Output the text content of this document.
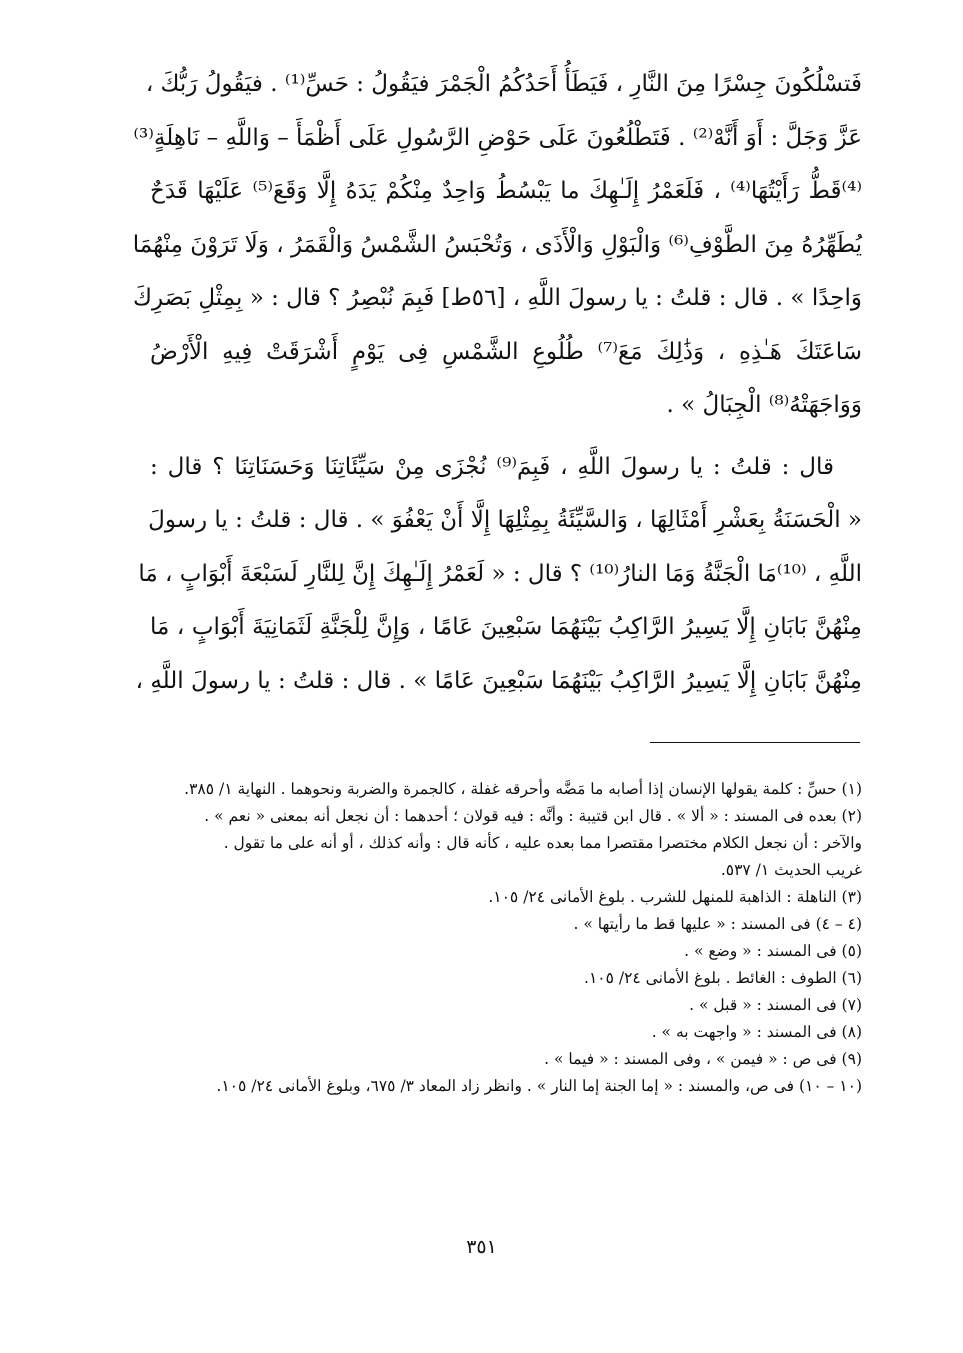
فَتسْلُكُونَ جِسْرًا مِنَ النَّارِ ، فَيَطَأُ أَحَدُكُمُ الْجَمْرَ فيَقُولُ : حَسِّ⁽¹⁾ . فيَقُولُ رَبُّكَ ،
عَزَّ وَجَلَّ : أَوَ أَنَّهْ⁽²⁾ . فَتَطْلُعُونَ عَلَى حَوْضِ الرَّسُولِ عَلَى أَظْمَأَ – وَاللَّهِ – نَاهِلَةٍ⁽³⁾
⁽⁴⁾قَطُّ رَأَيْتُهَا⁽⁴⁾ ، فَلَعَمْرُ إِلَـٰهِكَ ما يَبْسُطُ وَاحِدٌ مِنْكُمْ يَدَهُ إِلَّا وَقَعَ⁽⁵⁾ عَلَيْهَا قَدَحٌ
يُطَهِّرُهُ مِنَ الطَّوْفِ⁽⁶⁾ وَالْبَوْلِ وَالْأَذَى ، وَتُحْبَسُ الشَّمْسُ وَالْقَمَرُ ، وَلَا تَرَوْنَ مِنْهُمَا
وَاحِدًا » . قال : قلتُ : يا رسولَ اللَّهِ ، [٥٦ط] فَبِمَ نُبْصِرُ ؟ قال : « بِمِثْلِ بَصَرِكَ
سَاعَتَكَ هَـٰذِهِ ، وَذَٰلِكَ مَعَ⁽⁷⁾ طُلُوعِ الشَّمْسِ فِى يَوْمٍ أَشْرَقَتْ فِيهِ الْأَرْضُ
وَوَاجَهَتْهُ⁽⁸⁾ الْجِبَالُ » .
قال : قلتُ : يا رسولَ اللَّهِ ، فَبِمَ⁽⁹⁾ نُجْزَى مِنْ سَيِّئَاتِنَا وَحَسَنَاتِنَا ؟ قال :
« الْحَسَنَةُ بِعَشْرِ أَمْثَالِهَا ، وَالسَّيِّئَةُ بِمِثْلِهَا إِلَّا أَنْ يَعْفُوَ » . قال : قلتُ : يا رسولَ
اللَّهِ ، ⁽¹⁰⁾مَا الْجَنَّةُ وَمَا النارُ⁽¹⁰⁾ ؟ قال : « لَعَمْرُ إِلَـٰهِكَ إِنَّ لِلنَّارِ لَسَبْعَةَ أَبْوَابٍ ، مَا
مِنْهُنَّ بَابَانِ إِلَّا يَسِيرُ الرَّاكِبُ بَيْنَهُمَا سَبْعِينَ عَامًا ، وَإِنَّ لِلْجَنَّةِ لَثَمَانِيَةَ أَبْوَابٍ ، مَا
مِنْهُنَّ بَابَانِ إِلَّا يَسِيرُ الرَّاكِبُ بَيْنَهُمَا سَبْعِينَ عَامًا » . قال : قلتُ : يا رسولَ اللَّهِ ،
(١) حسِّ : كلمة يقولها الإنسان إذا أصابه ما مَضَّه وأحرقه غفلة ، كالجمرة والضربة ونحوهما . النهاية ١/ ٣٨٥.
(٢) بعده فى المسند : « ألا » . قال ابن قتيبة : وأنَّه : فيه قولان ؛ أحدهما : أن نجعل أنه بمعنى « نعم » .
والآخر : أن نجعل الكلام مختصرا مقتصرا مما بعده عليه ، كأنه قال : وأنه كذلك ، أو أنه على ما تقول .
غريب الحديث ١/ ٥٣٧.
(٣) الناهلة : الذاهبة للمنهل للشرب . بلوغ الأمانى ٢٤/ ١٠٥.
(٤ – ٤) فى المسند : « عليها قط ما رأيتها » .
(٥) فى المسند : « وضع » .
(٦) الطوف : الغائط . بلوغ الأمانى ٢٤/ ١٠٥.
(٧) فى المسند : « قبل » .
(٨) فى المسند : « واجهت به » .
(٩) فى ص : « فيمن » ، وفى المسند : « فيما » .
(١٠ – ١٠) فى ص، والمسند : « إما الجنة إما النار » . وانظر زاد المعاد ٣/ ٦٧٥، وبلوغ الأمانى ٢٤/ ١٠٥.
٣٥١
